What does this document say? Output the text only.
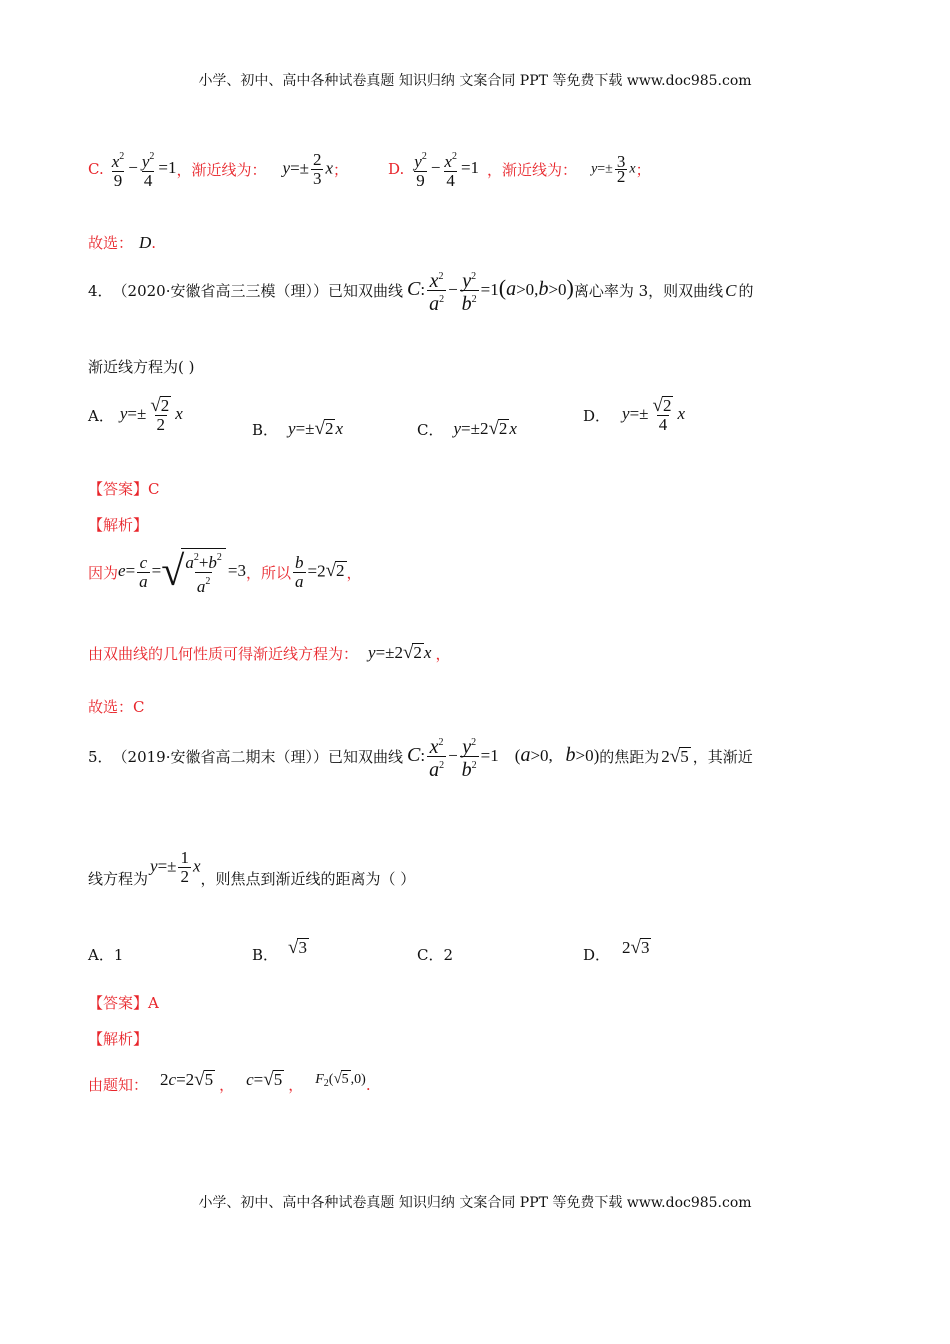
小学、初中、高中各种试卷真题 知识归纳 文案合同 PPT 等免费下载 www.doc985.com
C. $\frac{x^2}{9} - \frac{y^2}{4} =1$ ，渐近线为： $y=\pm \frac{2}{3}$ x ；	D. $\frac{y^2}{9} - \frac{x^2}{4} =1$ ，渐近线为： $y=\pm \frac{3}{2}$ x ；
故选： D.
4． （2020·安徽省高三三模（理））已知双曲线 C: $\frac{x^2}{a^2} - \frac{y^2}{b^2} =1(a>0,b>0)$ 离心率为 3，则双曲线 C 的
渐近线方程为( )
A． $y=\pm \frac{√2}{2}$ x
B． y=±√2 x	C． y=±2√2 x
D． $y=\pm \frac{√2}{4}$ x
【答案】C
【解析】
因为 $e= \frac{c}{a}$ =√
$\frac{a^2+b^2}{a^2} =3$ ，所以 $\frac{b}{a} =2√2$ ，
由双曲线的几何性质可得渐近线方程为： y=±2√2 x ，
故选：C
5． （2019·安徽省高二期末（理））已知双曲线 C: $\frac{x^2}{a^2} - \frac{y^2}{b^2} =1$ (a>0,   b>0) 的焦距为 2√5 ，其渐近
线方程为
$y=\pm \frac{1}{2}$ x
，则焦点到渐近线的距离为（ ）
A．1	B． √3	C．2	D． 2√3
【答案】A
【解析】
由题知： 2c=2√5 ， c=√5 ， $F_2(√5$ ,0) .
小学、初中、高中各种试卷真题 知识归纳 文案合同 PPT 等免费下载 www.doc985.com
